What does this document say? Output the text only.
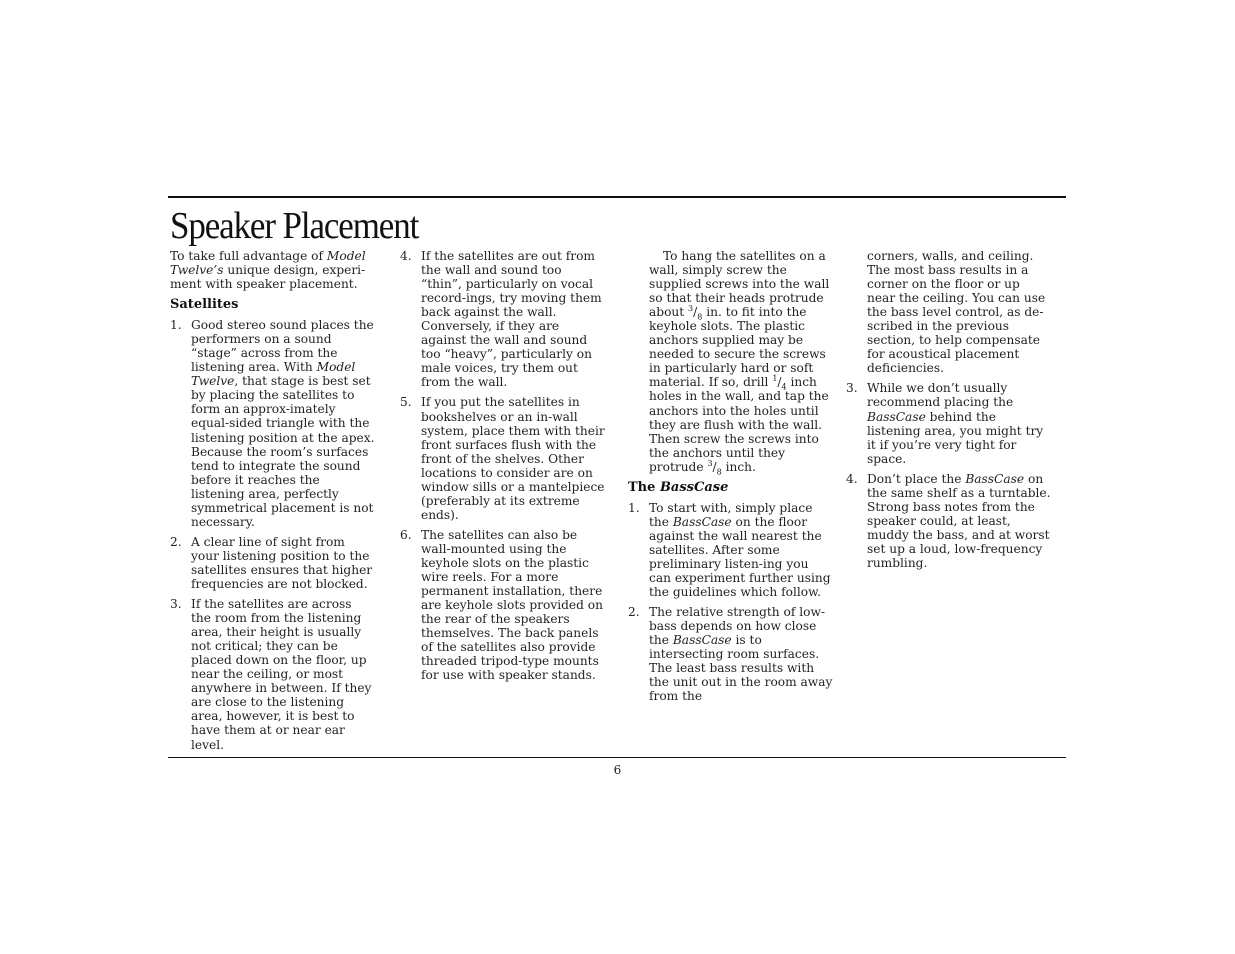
Speaker Placement

To take full advantage of Model Twelve’s unique design, experi-ment with speaker placement.

Satellites
1. Good stereo sound places the performers on a sound “stage” across from the listening area. With Model Twelve, that stage is best set by placing the satellites to form an approx-imately equal-sided triangle with the listening position at the apex. Because the room’s surfaces tend to integrate the sound before it reaches the listening area, perfectly symmetrical placement is not necessary.
2. A clear line of sight from your listening position to the satellites ensures that higher frequencies are not blocked.
3. If the satellites are across the room from the listening area, their height is usually not critical; they can be placed down on the floor, up near the ceiling, or most anywhere in between. If they are close to the listening area, however, it is best to have them at or near ear level.
4. If the satellites are out from the wall and sound too “thin”, particularly on vocal record-ings, try moving them back against the wall. Conversely, if they are against the wall and sound too “heavy”, particularly on male voices, try them out from the wall.
5. If you put the satellites in bookshelves or an in-wall system, place them with their front surfaces flush with the front of the shelves. Other locations to consider are on window sills or a mantelpiece (preferably at its extreme ends).
6. The satellites can also be wall-mounted using the keyhole slots on the plastic wire reels. For a more permanent installation, there are keyhole slots provided on the rear of the speakers themselves. The back panels of the satellites also provide threaded tripod-type mounts for use with speaker stands.

To hang the satellites on a wall, simply screw the supplied screws into the wall so that their heads protrude about $^3/_8$ in. to fit into the keyhole slots. The plastic anchors supplied may be needed to secure the screws in particularly hard or soft material. If so, drill $^1/_4$ inch holes in the wall, and tap the anchors into the holes until they are flush with the wall. Then screw the screws into the anchors until they protrude $^3/_8$ inch.

The BassCase
1. To start with, simply place the BassCase on the floor against the wall nearest the satellites. After some preliminary listen-ing you can experiment further using the guidelines which follow.
2. The relative strength of low-bass depends on how close the BassCase is to intersecting room surfaces. The least bass results with the unit out in the room away from the

corners, walls, and ceiling. The most bass results in a corner on the floor or up near the ceiling. You can use the bass level control, as de-scribed in the previous section, to help compensate for acoustical placement deficiencies.

3. While we don’t usually recommend placing the BassCase behind the listening area, you might try it if you’re very tight for space.
4. Don’t place the BassCase on the same shelf as a turntable. Strong bass notes from the speaker could, at least, muddy the bass, and at worst set up a loud, low-frequency rumbling.
6
